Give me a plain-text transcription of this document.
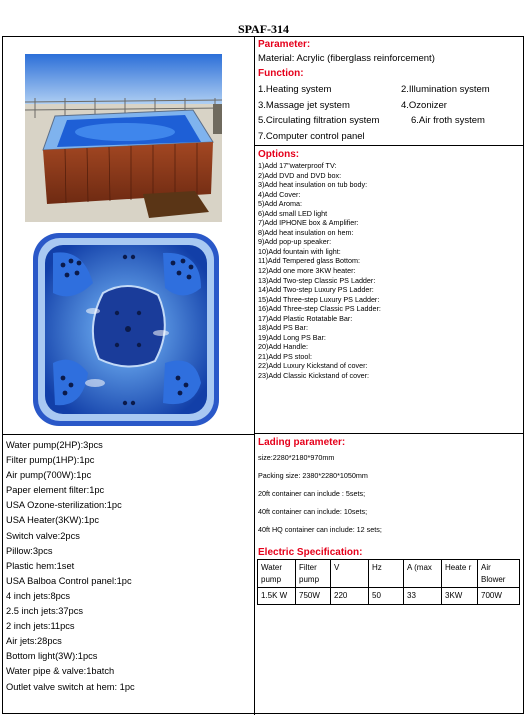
SPAF-314
Parameter:
Material: Acrylic (fiberglass reinforcement)
Function:
1.Heating system	2.Illumination system
3.Massage jet system	4.Ozonizer
5.Circulating filtration system	6.Air froth system
7.Computer control panel
Options:
1)Add 17"waterproof TV:
2)Add DVD and DVD box:
3)Add heat insulation on tub body:
4)Add Cover:
5)Add Aroma:
6)Add small LED light
7)Add IPHONE box & Amplifier:
8)Add heat insulation on hem:
9)Add pop-up speaker:
10)Add fountain with light:
11)Add Tempered glass Bottom:
12)Add one more 3KW heater:
13)Add Two-step Classic PS Ladder:
14)Add Two-step Luxury PS Ladder:
15)Add Three-step Luxury PS Ladder:
16)Add Three-step Classic PS Ladder:
17)Add Plastic Rotatable Bar:
18)Add PS Bar:
19)Add Long PS Bar:
20)Add Handle:
21)Add PS stool:
22)Add Luxury Kickstand of cover:
23)Add Classic Kickstand of cover:
Water pump(2HP):3pcs
Filter pump(1HP):1pc
Air pump(700W):1pc
Paper element filter:1pc
USA Ozone-sterilization:1pc
USA Heater(3KW):1pc
Switch valve:2pcs
Pillow:3pcs
Plastic hem:1set
USA Balboa Control panel:1pc
4 inch jets:8pcs
2.5 inch jets:37pcs
2 inch jets:11pcs
Air jets:28pcs
Bottom light(3W):1pcs
Water pipe & valve:1batch
Outlet valve switch at hem: 1pc
Lading parameter:
size:2280*2180*970mm
Packing size: 2380*2280*1050mm
20ft container can include : 5sets;
40ft container can include: 10sets;
40ft HQ container can include: 12 sets;
Electric Specification:
Water pump	Filter pump	V	Hz	A (max	Heate r	Air Blower
1.5K W	750W	220	50	33	3KW	700W
